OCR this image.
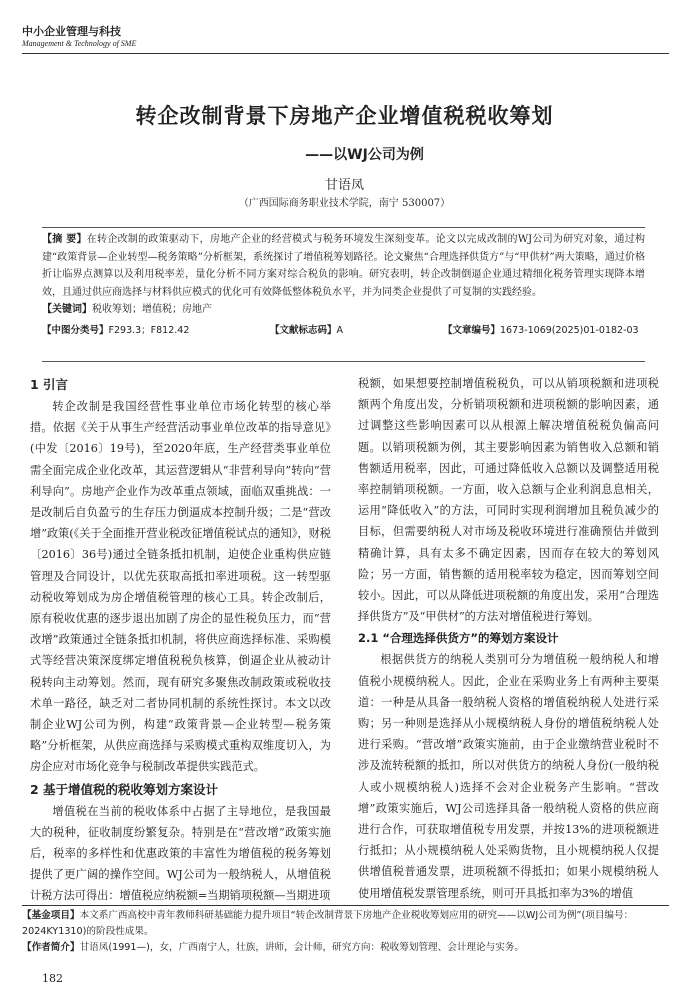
中小企业管理与科技
Management & Technology of SME
转企改制背景下房地产企业增值税税收筹划
——以WJ公司为例
甘语凤
（广西国际商务职业技术学院，南宁 530007）
【摘 要】在转企改制的政策驱动下，房地产企业的经营模式与税务环境发生深刻变革。论文以完成改制的WJ公司为研究对象，通过构建“政策背景—企业转型—税务策略”分析框架，系统探讨了增值税筹划路径。论文聚焦“合理选择供货方”与“甲供材”两大策略，通过价格折让临界点测算以及利用税率差，量化分析不同方案对综合税负的影响。研究表明，转企改制倒逼企业通过精细化税务管理实现降本增效，且通过供应商选择与材料供应模式的优化可有效降低整体税负水平，并为同类企业提供了可复制的实践经验。
【关键词】税收筹划；增值税；房地产
【中图分类号】F293.3；F812.42	【文献标志码】A	【文章编号】1673-1069(2025)01-0182-03
1 引言

转企改制是我国经营性事业单位市场化转型的核心举措。依据《关于从事生产经营活动事业单位改革的指导意见》(中发〔2016〕19号)，至2020年底，生产经营类事业单位需全面完成企业化改革，其运营逻辑从“非营利导向”转向“营利导向”。房地产企业作为改革重点领域，面临双重挑战：一是改制后自负盈亏的生存压力倒逼成本控制升级；二是“营改增”政策(《关于全面推开营业税改征增值税试点的通知》，财税〔2016〕36号)通过全链条抵扣机制，迫使企业重构供应链管理及合同设计，以优先获取高抵扣率进项税。这一转型驱动税收筹划成为房企增值税管理的核心工具。转企改制后，原有税收优惠的逐步退出加剧了房企的显性税负压力，而“营改增”政策通过全链条抵扣机制，将供应商选择标准、采购模式等经营决策深度绑定增值税税负核算，倒逼企业从被动计税转向主动筹划。然而，现有研究多聚焦改制政策或税收技术单一路径，缺乏对二者协同机制的系统性探讨。本文以改制企业WJ公司为例，构建“政策背景—企业转型—税务策略”分析框架，从供应商选择与采购模式重构双维度切入，为房企应对市场化竞争与税制改革提供实践范式。

2 基于增值税的税收筹划方案设计

增值税在当前的税收体系中占据了主导地位，是我国最大的税种，征收制度纷繁复杂。特别是在“营改增”政策实施后，税率的多样性和优惠政策的丰富性为增值税的税务筹划提供了更广阔的操作空间。WJ公司为一般纳税人，从增值税计税方法可得出：增值税应纳税额=当期销项税额—当期进项

税额，如果想要控制增值税税负，可以从销项税额和进项税额两个角度出发，分析销项税额和进项税额的影响因素，通过调整这些影响因素可以从根源上解决增值税税负偏高问题。以销项税额为例，其主要影响因素为销售收入总额和销售额适用税率，因此，可通过降低收入总额以及调整适用税率控制销项税额。一方面，收入总额与企业利润息息相关，运用“降低收入”的方法，可同时实现利润增加且税负减少的目标，但需要纳税人对市场及税收环境进行准确预估并做到精确计算，具有太多不确定因素，因而存在较大的筹划风险；另一方面，销售额的适用税率较为稳定，因而筹划空间较小。因此，可以从降低进项税额的角度出发，采用“合理选择供货方”及“甲供材”的方法对增值税进行筹划。

2.1 “合理选择供货方”的筹划方案设计

根据供货方的纳税人类别可分为增值税一般纳税人和增值税小规模纳税人。因此，企业在采购业务上有两种主要渠道：一种是从具备一般纳税人资格的增值税纳税人处进行采购；另一种则是选择从小规模纳税人身份的增值税纳税人处进行采购。“营改增”政策实施前，由于企业缴纳营业税时不涉及流转税额的抵扣，所以对供货方的纳税人身份(一般纳税人或小规模纳税人)选择不会对企业税务产生影响。“营改增”政策实施后，WJ公司选择具备一般纳税人资格的供应商进行合作，可获取增值税专用发票，并按13%的进项税额进行抵扣；从小规模纳税人处采购货物，且小规模纳税人仅提供增值税普通发票，进项税额不得抵扣；如果小规模纳税人使用增值税发票管理系统，则可开具抵扣率为3%的增值

【基金项目】本文系广西高校中青年教师科研基础能力提升项目“转企改制背景下房地产企业税收筹划应用的研究——以WJ公司为例”(项目编号：2024KY1310)的阶段性成果。
【作者简介】甘语凤(1991—)，女，广西南宁人，壮族，讲师，会计师，研究方向：税收筹划管理、会计理论与实务。
182
